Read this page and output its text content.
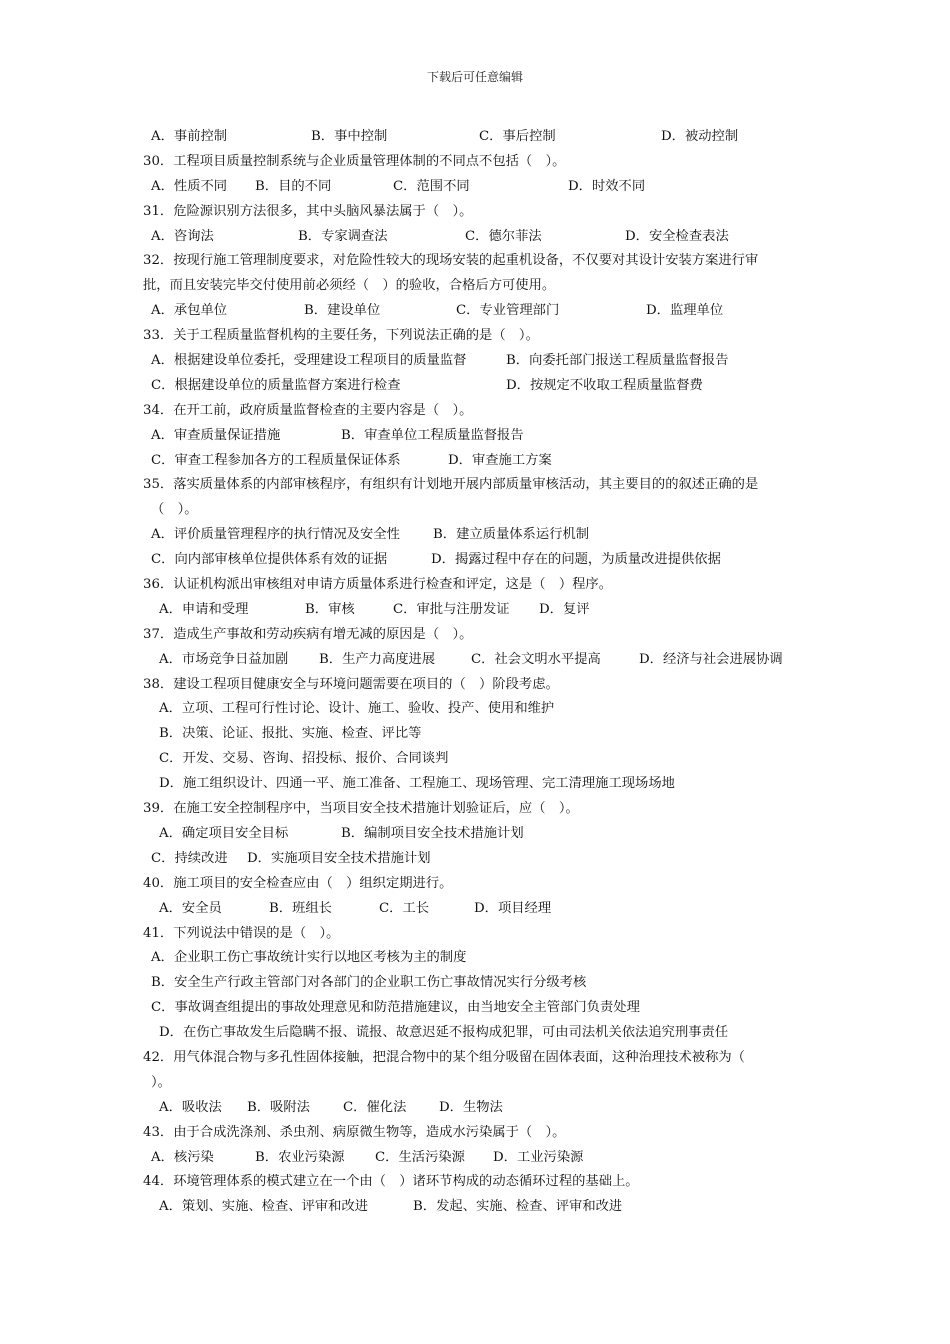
下载后可任意编辑
A．事前控制	B．事中控制	C．事后控制	D．被动控制
30．工程项目质量控制系统与企业质量管理体制的不同点不包括（　）。
A．性质不同 B．目的不同	C．范围不同	D．时效不同
31．危险源识别方法很多，其中头脑风暴法属于（　）。
A．咨询法	B．专家调查法	C．德尔菲法	D．安全检查表法
32．按现行施工管理制度要求，对危险性较大的现场安装的起重机设备，不仅要对其设计安装方案进行审
批，而且安装完毕交付使用前必须经（　）的验收，合格后方可使用。
A．承包单位	B．建设单位	C．专业管理部门	D．监理单位
33．关于工程质量监督机构的主要任务，下列说法正确的是（　）。
A．根据建设单位委托，受理建设工程项目的质量监督	B．向委托部门报送工程质量监督报告
C．根据建设单位的质量监督方案进行检查	D．按规定不收取工程质量监督费
34．在开工前，政府质量监督检查的主要内容是（　）。
A．审查质量保证措施	B．审查单位工程质量监督报告
C．审查工程参加各方的工程质量保证体系	D．审查施工方案
35．落实质量体系的内部审核程序，有组织有计划地开展内部质量审核活动，其主要目的的叙述正确的是
（　）。
A．评价质量管理程序的执行情况及安全性 B．建立质量体系运行机制
C．向内部审核单位提供体系有效的证据	D．揭露过程中存在的问题，为质量改进提供依据
36．认证机构派出审核组对申请方质量体系进行检查和评定，这是（　）程序。
A．申请和受理	B．审核	C．审批与注册发证 D．复评
37．造成生产事故和劳动疾病有增无减的原因是（　）。
A．市场竞争日益加剧 B．生产力高度进展	C．社会文明水平提高	D．经济与社会进展协调
38．建设工程项目健康安全与环境问题需要在项目的（　）阶段考虑。
A．立项、工程可行性讨论、设计、施工、验收、投产、使用和维护
B．决策、论证、报批、实施、检查、评比等
C．开发、交易、咨询、招投标、报价、合同谈判
D．施工组织设计、四通一平、施工准备、工程施工、现场管理、完工清理施工现场场地
39．在施工安全控制程序中，当项目安全技术措施计划验证后，应（　）。
A．确定项目安全目标	B．编制项目安全技术措施计划
C．持续改进 D．实施项目安全技术措施计划
40．施工项目的安全检查应由（　）组织定期进行。
A．安全员	B．班组长	C．工长	D．项目经理
41．下列说法中错误的是（　）。
A．企业职工伤亡事故统计实行以地区考核为主的制度
B．安全生产行政主管部门对各部门的企业职工伤亡事故情况实行分级考核
C．事故调查组提出的事故处理意见和防范措施建议，由当地安全主管部门负责处理
D．在伤亡事故发生后隐瞒不报、谎报、故意迟延不报构成犯罪，可由司法机关依法追究刑事责任
42．用气体混合物与多孔性固体接触，把混合物中的某个组分吸留在固体表面，这种治理技术被称为（
）。
A．吸收法 B．吸附法 C．催化法 D．生物法
43．由于合成洗涤剂、杀虫剂、病原微生物等，造成水污染属于（　）。
A．核污染	B．农业污染源 C．生活污染源 D．工业污染源
44．环境管理体系的模式建立在一个由（　）诸环节构成的动态循环过程的基础上。
A．策划、实施、检查、评审和改进	B．发起、实施、检查、评审和改进
